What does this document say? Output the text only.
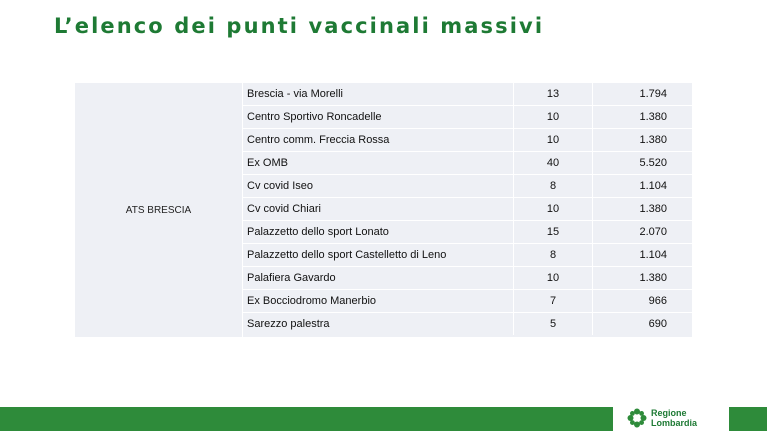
L’elenco dei punti vaccinali massivi
ATS BRESCIA
Brescia - via Morelli	13	1.794
Centro Sportivo Roncadelle	10	1.380
Centro comm. Freccia Rossa	10	1.380
Ex OMB	40	5.520
Cv covid Iseo	8	1.104
Cv covid Chiari	10	1.380
Palazzetto dello sport Lonato	15	2.070
Palazzetto dello sport Castelletto di Leno	8	1.104
Palafiera Gavardo	10	1.380
Ex Bocciodromo Manerbio	7	966
Sarezzo palestra	5	690
Regione
Lombardia
